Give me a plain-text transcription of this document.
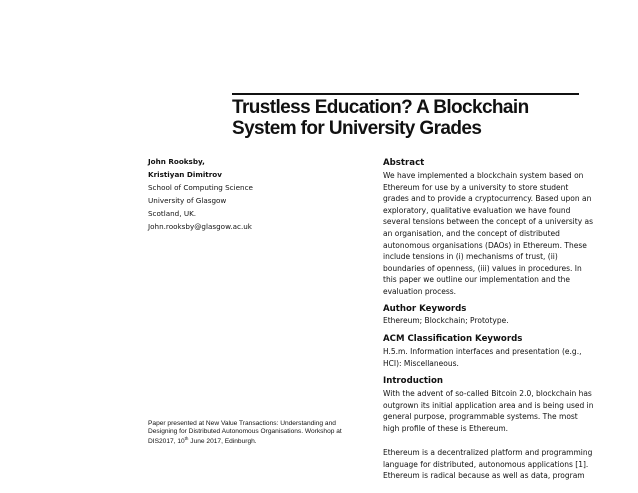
Trustless Education? A Blockchain
System for University Grades
John Rooksby,
Kristiyan Dimitrov
School of Computing Science
University of Glasgow
Scotland, UK.
John.rooksby@glasgow.ac.uk
Paper presented at New Value Transactions: Understanding and
Designing for Distributed Autonomous Organisations. Workshop at
DIS2017, 10th June 2017, Edinburgh.
Abstract
We have implemented a blockchain system based on
Ethereum for use by a university to store student
grades and to provide a cryptocurrency. Based upon an
exploratory, qualitative evaluation we have found
several tensions between the concept of a university as
an organisation, and the concept of distributed
autonomous organisations (DAOs) in Ethereum. These
include tensions in (i) mechanisms of trust, (ii)
boundaries of openness, (iii) values in procedures. In
this paper we outline our implementation and the
evaluation process.
Author Keywords
Ethereum; Blockchain; Prototype.
ACM Classification Keywords
H.5.m. Information interfaces and presentation (e.g.,
HCI): Miscellaneous.
Introduction
With the advent of so-called Bitcoin 2.0, blockchain has
outgrown its initial application area and is being used in
general purpose, programmable systems. The most
high profile of these is Ethereum.
Ethereum is a decentralized platform and programming
language for distributed, autonomous applications [1].
Ethereum is radical because as well as data, program
